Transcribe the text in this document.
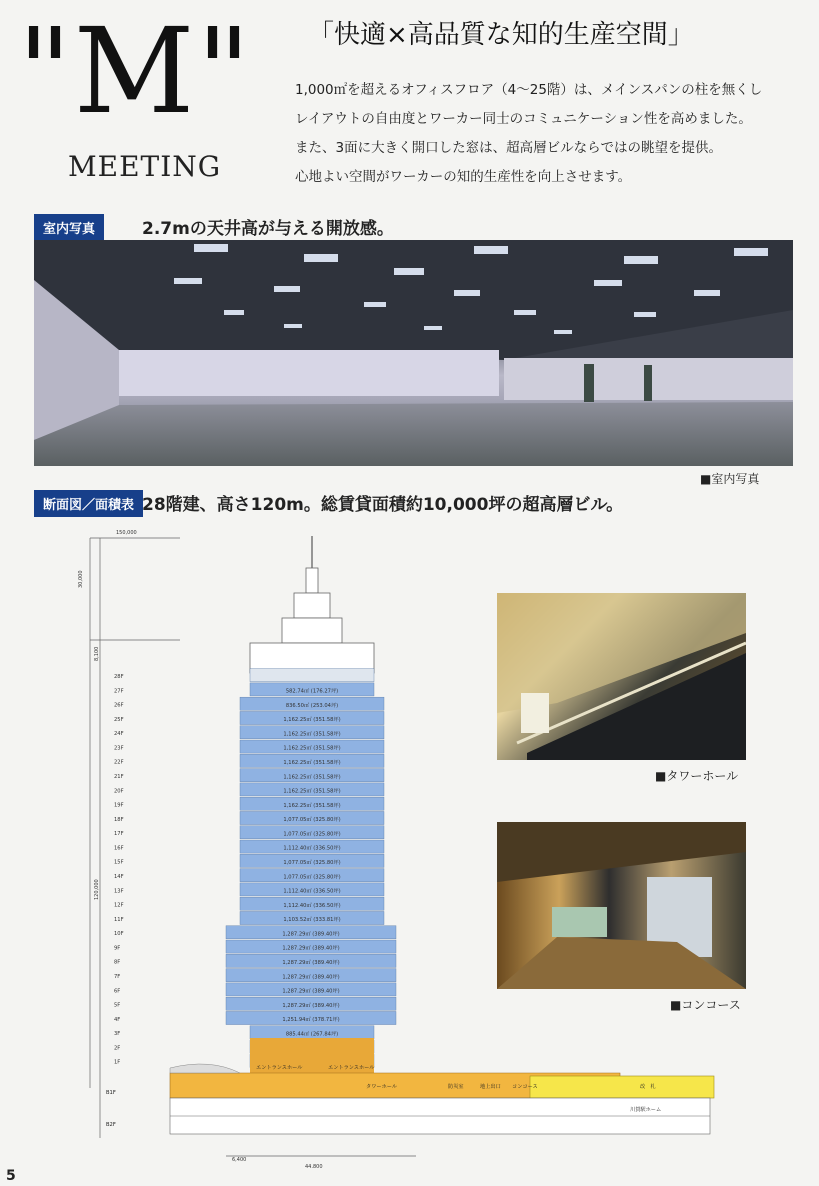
"M"
MEETING
「快適×高品質な知的生産空間」
1,000㎡を超えるオフィスフロア（4～25階）は、メインスパンの柱を無くし
レイアウトの自由度とワーカー同士のコミュニケーション性を高めました。
また、3面に大きく開口した窓は、超高層ビルならではの眺望を提供。
心地よい空間がワーカーの知的生産性を向上させます。
室内写真	2.7mの天井高が与える開放感。
■室内写真
断面図／面積表 28階建、高さ120m。総賃貸面積約10,000坪の超高層ビル。
150,000
30,000
8,100
120,000
44,800
6,400
28F
27F	582.74㎡ (176.27坪)
26F	836.50㎡ (253.04坪)
25F	1,162.25㎡ (351.58坪)
24F	1,162.25㎡ (351.58坪)
23F	1,162.25㎡ (351.58坪)
22F	1,162.25㎡ (351.58坪)
21F	1,162.25㎡ (351.58坪)
20F	1,162.25㎡ (351.58坪)
19F	1,162.25㎡ (351.58坪)
18F	1,077.05㎡ (325.80坪)
17F	1,077.05㎡ (325.80坪)
16F	1,112.40㎡ (336.50坪)
15F	1,077.05㎡ (325.80坪)
14F	1,077.05㎡ (325.80坪)
13F	1,112.40㎡ (336.50坪)
12F	1,112.40㎡ (336.50坪)
11F	1,103.52㎡ (333.81坪)
10F	1,287.29㎡ (389.40坪)
9F	1,287.29㎡ (389.40坪)
8F	1,287.29㎡ (389.40坪)
7F	1,287.29㎡ (389.40坪)
6F	1,287.29㎡ (389.40坪)
5F	1,287.29㎡ (389.40坪)
4F	1,251.94㎡ (378.71坪)
3F	885.44㎡ (267.84坪)
2F
1F
エントランスホール	エントランスホール
タワーホール	防災室	地上出口 コンコース	改　札
川賀駅ホーム
B1F
B2F
■タワーホール
■コンコース
5
